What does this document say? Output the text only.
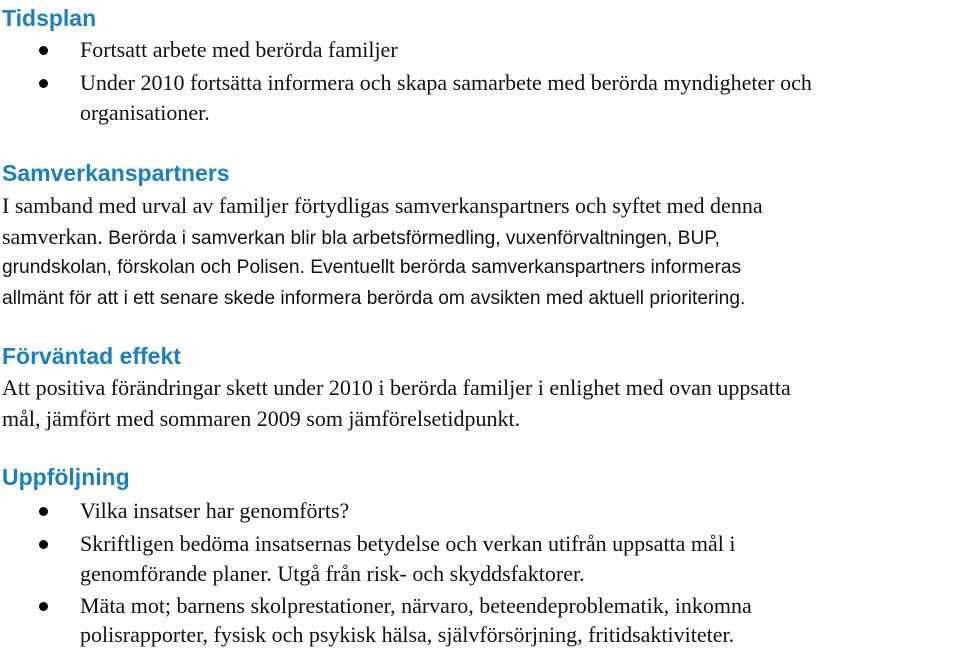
Tidsplan
Fortsatt arbete med berörda familjer
Under 2010 fortsätta informera och skapa samarbete med berörda myndigheter och
organisationer.
Samverkanspartners
I samband med urval av familjer förtydligas samverkanspartners och syftet med denna
samverkan. Berörda i samverkan blir bla arbetsförmedling, vuxenförvaltningen, BUP,
grundskolan, förskolan och Polisen. Eventuellt berörda samverkanspartners informeras
allmänt för att i ett senare skede informera berörda om avsikten med aktuell prioritering.
Förväntad effekt
Att positiva förändringar skett under 2010 i berörda familjer i enlighet med ovan uppsatta
mål, jämfört med sommaren 2009 som jämförelsetidpunkt.
Uppföljning
Vilka insatser har genomförts?
Skriftligen bedöma insatsernas betydelse och verkan utifrån uppsatta mål i
genomförande planer. Utgå från risk- och skyddsfaktorer.
Mäta mot; barnens skolprestationer, närvaro, beteendeproblematik, inkomna
polisrapporter, fysisk och psykisk hälsa, självförsörjning, fritidsaktiviteter.
